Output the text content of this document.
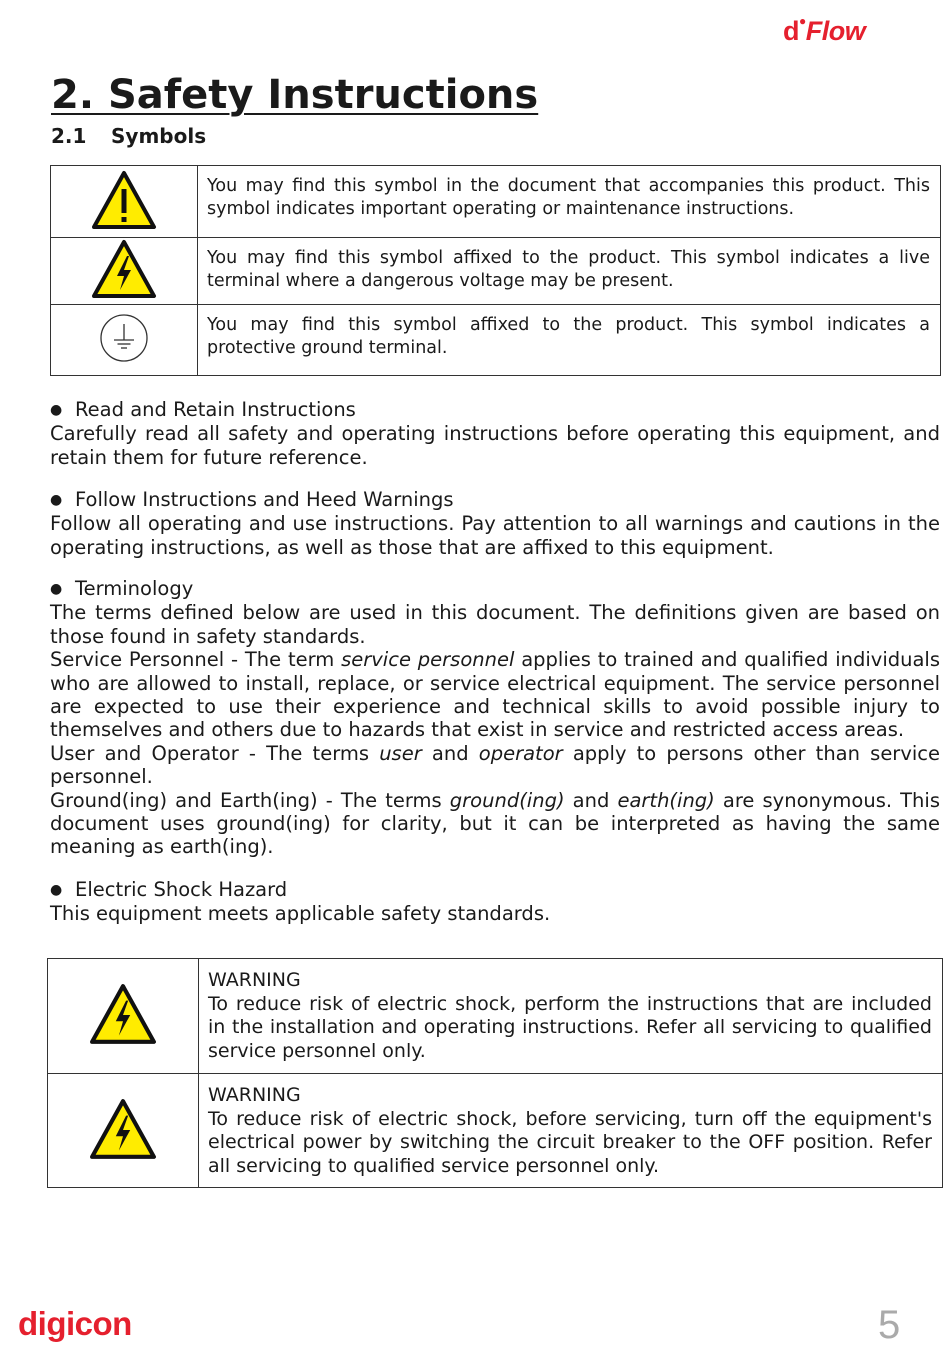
d●Flow
2. Safety Instructions
2.1 Symbols
	You may find this symbol in the document that accompanies this product. This symbol indicates important operating or maintenance instructions.
	You may find this symbol affixed to the product. This symbol indicates a live terminal where a dangerous voltage may be present.
	You may find this symbol affixed to the product. This symbol indicates a protective ground terminal.
● Read and Retain Instructions

Carefully read all safety and operating instructions before operating this equipment, and retain them for future reference.

● Follow Instructions and Heed Warnings

Follow all operating and use instructions. Pay attention to all warnings and cautions in the operating instructions, as well as those that are affixed to this equipment.

● Terminology

The terms defined below are used in this document. The definitions given are based on those found in safety standards.

Service Personnel - The term service personnel applies to trained and qualified individuals who are allowed to install, replace, or service electrical equipment. The service personnel are expected to use their experience and technical skills to avoid possible injury to themselves and others due to hazards that exist in service and restricted access areas.

User and Operator - The terms user and operator apply to persons other than service personnel.

Ground(ing) and Earth(ing) - The terms ground(ing) and earth(ing) are synonymous. This document uses ground(ing) for clarity, but it can be interpreted as having the same meaning as earth(ing).

● Electric Shock Hazard

This equipment meets applicable safety standards.

WARNING
To reduce risk of electric shock, perform the instructions that are included in the installation and operating instructions. Refer all servicing to qualified service personnel only.

WARNING
To reduce risk of electric shock, before servicing, turn off the equipment's electrical power by switching the circuit breaker to the OFF position. Refer all servicing to qualified service personnel only.
digicon	5
